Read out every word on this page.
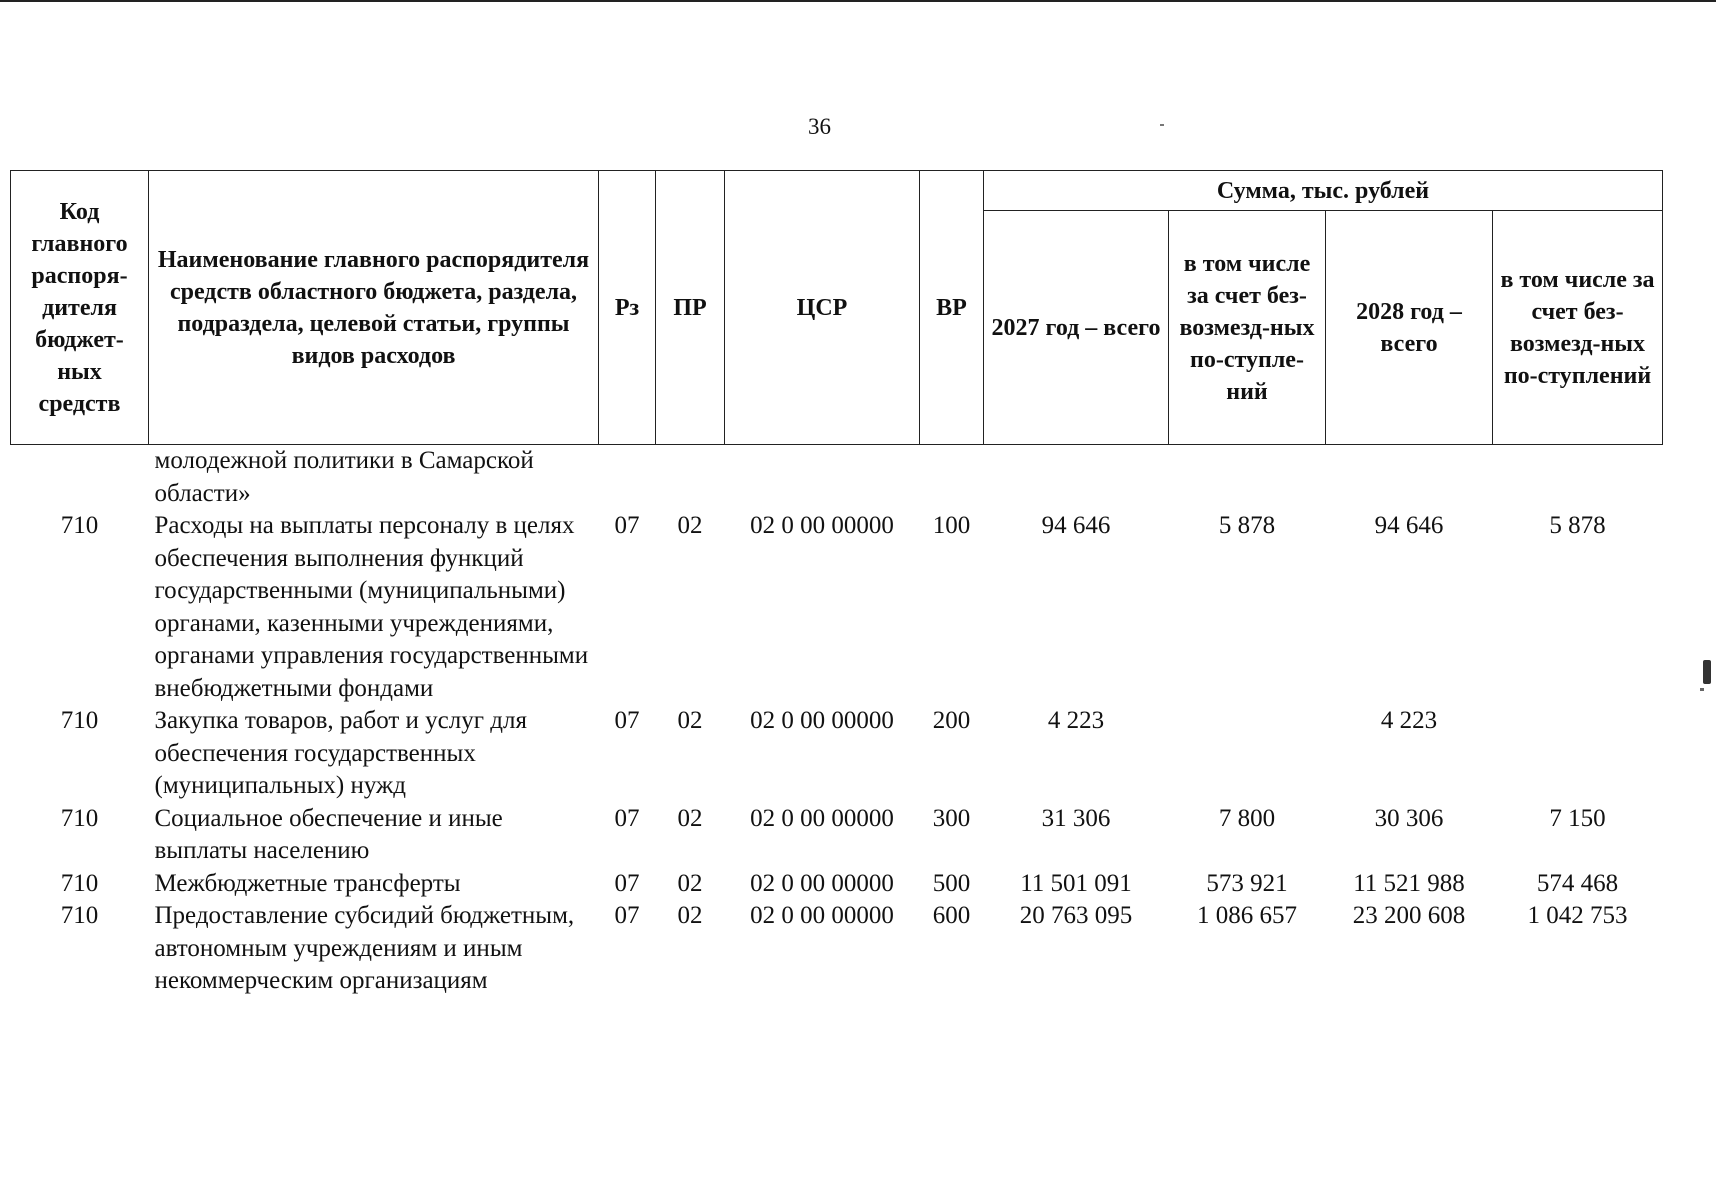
36
Код главного распоря-дителя бюджет-ных средств	Наименование главного распорядителя средств областного бюджета, раздела, подраздела, целевой статьи, группы видов расходов	Рз	ПР	ЦСР	ВР	Сумма, тыс. рублей			
						2027 год – всего	в том числе за счет без-возмезд-ных по-ступле-ний	2028 год – всего	в том числе за счет без-возмезд-ных по-ступлений
	молодежной политики в Самарской области»								
710	Расходы на выплаты персоналу в целях обеспечения выполнения функций государственными (муниципальными) органами, казенными учреждениями, органами управления государственными внебюджетными фондами	07	02	02 0 00 00000	100	94 646	5 878	94 646	5 878
710	Закупка товаров, работ и услуг для обеспечения государственных (муниципальных) нужд	07	02	02 0 00 00000	200	4 223		4 223	
710	Социальное обеспечение и иные выплаты населению	07	02	02 0 00 00000	300	31 306	7 800	30 306	7 150
710	Межбюджетные трансферты	07	02	02 0 00 00000	500	11 501 091	573 921	11 521 988	574 468
710	Предоставление субсидий бюджетным, автономным учреждениям и иным некоммерческим организациям	07	02	02 0 00 00000	600	20 763 095	1 086 657	23 200 608	1 042 753
